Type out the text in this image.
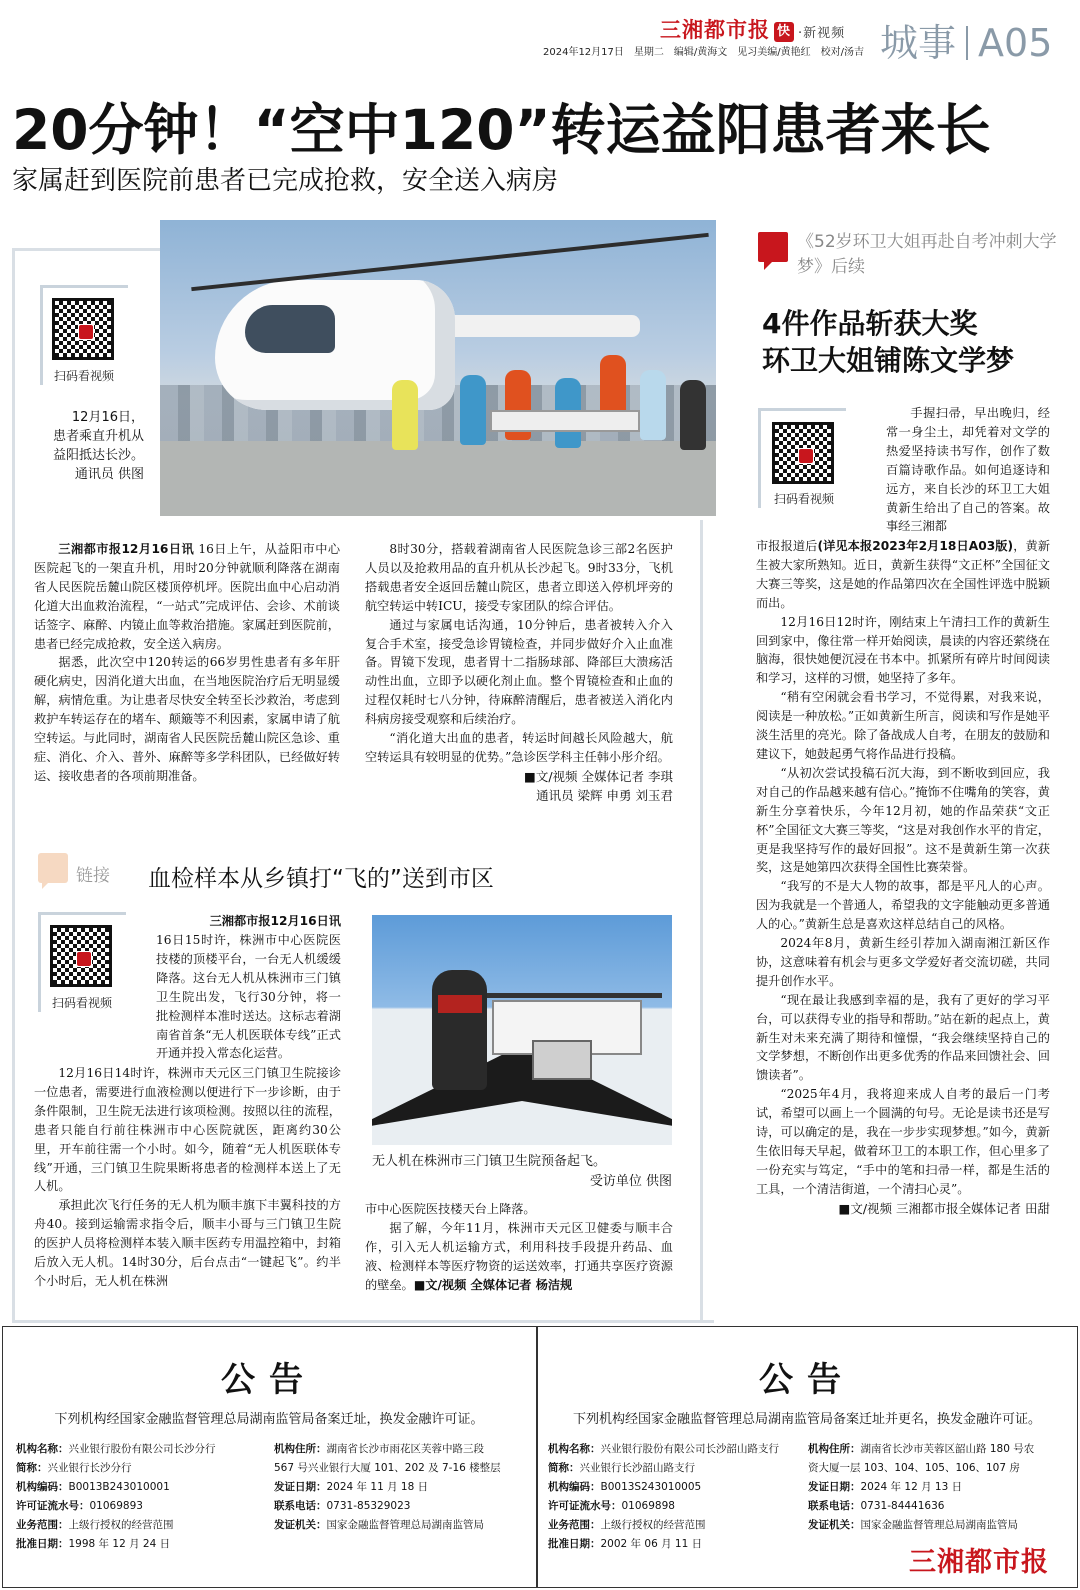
三湘都市报 快 ·新视频
2024年12月17日　星期二　编辑/黄海文　见习美编/黄艳红　校对/汤吉 城事 A05
20分钟！“空中120”转运益阳患者来长
家属赶到医院前患者已完成抢救，安全送入病房
扫码看视频
12月16日，
患者乘直升机从
益阳抵达长沙。
通讯员 供图

三湘都市报12月16日讯 16日上午，从益阳市中心医院起飞的一架直升机，用时20分钟就顺利降落在湖南省人民医院岳麓山院区楼顶停机坪。医院出血中心启动消化道大出血救治流程，“一站式”完成评估、会诊、术前谈话签字、麻醉、内镜止血等救治措施。家属赶到医院前，患者已经完成抢救，安全送入病房。

据悉，此次空中120转运的66岁男性患者有多年肝硬化病史，因消化道大出血，在当地医院治疗后无明显缓解，病情危重。为让患者尽快安全转至长沙救治，考虑到救护车转运存在的堵车、颠簸等不利因素，家属申请了航空转运。与此同时，湖南省人民医院岳麓山院区急诊、重症、消化、介入、普外、麻醉等多学科团队，已经做好转运、接收患者的各项前期准备。

8时30分，搭载着湖南省人民医院急诊三部2名医护人员以及抢救用品的直升机从长沙起飞。9时33分，飞机搭载患者安全返回岳麓山院区，患者立即送入停机坪旁的航空转运中转ICU，接受专家团队的综合评估。

通过与家属电话沟通，10分钟后，患者被转入介入复合手术室，接受急诊胃镜检查，并同步做好介入止血准备。胃镜下发现，患者胃十二指肠球部、降部巨大溃疡活动性出血，立即予以硬化剂止血。整个胃镜检查和止血的过程仅耗时七八分钟，待麻醉清醒后，患者被送入消化内科病房接受观察和后续治疗。

“消化道大出血的患者，转运时间越长风险越大，航空转运具有较明显的优势。”急诊医学科主任韩小彤介绍。

■文/视频 全媒体记者 李琪
通讯员 梁辉 申勇 刘玉君
链接 血检样本从乡镇打“飞的”送到市区
扫码看视频
三湘都市报12月16日讯

16日15时许，株洲市中心医院医技楼的顶楼平台，一台无人机缓缓降落。这台无人机从株洲市三门镇卫生院出发，飞行30分钟，将一批检测样本准时送达。这标志着湖南省首条“无人机医联体专线”正式开通并投入常态化运营。

12月16日14时许，株洲市天元区三门镇卫生院接诊一位患者，需要进行血液检测以便进行下一步诊断，由于条件限制，卫生院无法进行该项检测。按照以往的流程，患者只能自行前往株洲市中心医院就医，距离约30公里，开车前往需一个小时。如今，随着“无人机医联体专线”开通，三门镇卫生院果断将患者的检测样本送上了无人机。

承担此次飞行任务的无人机为顺丰旗下丰翼科技的方舟40。接到运输需求指令后，顺丰小哥与三门镇卫生院的医护人员将检测样本装入顺丰医药专用温控箱中，封箱后放入无人机。14时30分，后台点击“一键起飞”。约半个小时后，无人机在株洲

无人机在株洲市三门镇卫生院预备起飞。
受访单位 供图

市中心医院医技楼天台上降落。

据了解，今年11月，株洲市天元区卫健委与顺丰合作，引入无人机运输方式，利用科技手段提升药品、血液、检测样本等医疗物资的运送效率，打通共享医疗资源的壁垒。■文/视频 全媒体记者 杨洁规

《52岁环卫大姐再赴自考冲刺大学梦》后续
4件作品斩获大奖
环卫大姐铺陈文学梦
扫码看视频

手握扫帚，早出晚归，经常一身尘土，却凭着对文学的热爱坚持读书写作，创作了数百篇诗歌作品。如何追逐诗和远方，来自长沙的环卫工大姐黄新生给出了自己的答案。故事经三湘都

市报报道后(详见本报2023年2月18日A03版)，黄新生被大家所熟知。近日，黄新生获得“文正杯”全国征文大赛三等奖，这是她的作品第四次在全国性评选中脱颖而出。

12月16日12时许，刚结束上午清扫工作的黄新生回到家中，像往常一样开始阅读，晨读的内容还萦绕在脑海，很快她便沉浸在书本中。抓紧所有碎片时间阅读和学习，这样的习惯，她坚持了多年。

“稍有空闲就会看书学习，不觉得累，对我来说，阅读是一种放松。”正如黄新生所言，阅读和写作是她平淡生活里的亮光。除了备战成人自考，在朋友的鼓励和建议下，她鼓起勇气将作品进行投稿。

“从初次尝试投稿石沉大海，到不断收到回应，我对自己的作品越来越有信心。”掩饰不住嘴角的笑容，黄新生分享着快乐，今年12月初，她的作品荣获“文正杯”全国征文大赛三等奖，“这是对我创作水平的肯定，更是我坚持写作的最好回报”。这不是黄新生第一次获奖，这是她第四次获得全国性比赛荣誉。

“我写的不是大人物的故事，都是平凡人的心声。因为我就是一个普通人，希望我的文字能触动更多普通人的心。”黄新生总是喜欢这样总结自己的风格。

2024年8月，黄新生经引荐加入湖南湘江新区作协，这意味着有机会与更多文学爱好者交流切磋，共同提升创作水平。

“现在最让我感到幸福的是，我有了更好的学习平台，可以获得专业的指导和帮助。”站在新的起点上，黄新生对未来充满了期待和憧憬，“我会继续坚持自己的文学梦想，不断创作出更多优秀的作品来回馈社会、回馈读者”。

“2025年4月，我将迎来成人自考的最后一门考试，希望可以画上一个圆满的句号。无论是读书还是写诗，可以确定的是，我在一步步实现梦想。”如今，黄新生依旧每天早起，做着环卫工的本职工作，但心里多了一份充实与笃定，“手中的笔和扫帚一样，都是生活的工具，一个清洁街道，一个清扫心灵”。

■文/视频 三湘都市报全媒体记者 田甜
公告
下列机构经国家金融监督管理总局湖南监管局备案迁址，换发金融许可证。
机构名称：兴业银行股份有限公司长沙分行
简称：兴业银行长沙分行
机构编码：B0013B243010001
许可证流水号：01069893
业务范围：上级行授权的经营范围
批准日期：1998 年 12 月 24 日
机构住所：湖南省长沙市雨花区芙蓉中路三段
567 号兴业银行大厦 101、202 及 7-16 楼整层
发证日期：2024 年 11 月 18 日
联系电话：0731-85329023
发证机关：国家金融监督管理总局湖南监管局
公告
下列机构经国家金融监督管理总局湖南监管局备案迁址并更名，换发金融许可证。
机构名称：兴业银行股份有限公司长沙韶山路支行
简称：兴业银行长沙韶山路支行
机构编码：B0013S243010005
许可证流水号：01069898
业务范围：上级行授权的经营范围
批准日期：2002 年 06 月 11 日
机构住所：湖南省长沙市芙蓉区韶山路 180 号农
资大厦一层 103、104、105、106、107 房
发证日期：2024 年 12 月 13 日
联系电话：0731-84441636
发证机关：国家金融监督管理总局湖南监管局
三湘都市报
